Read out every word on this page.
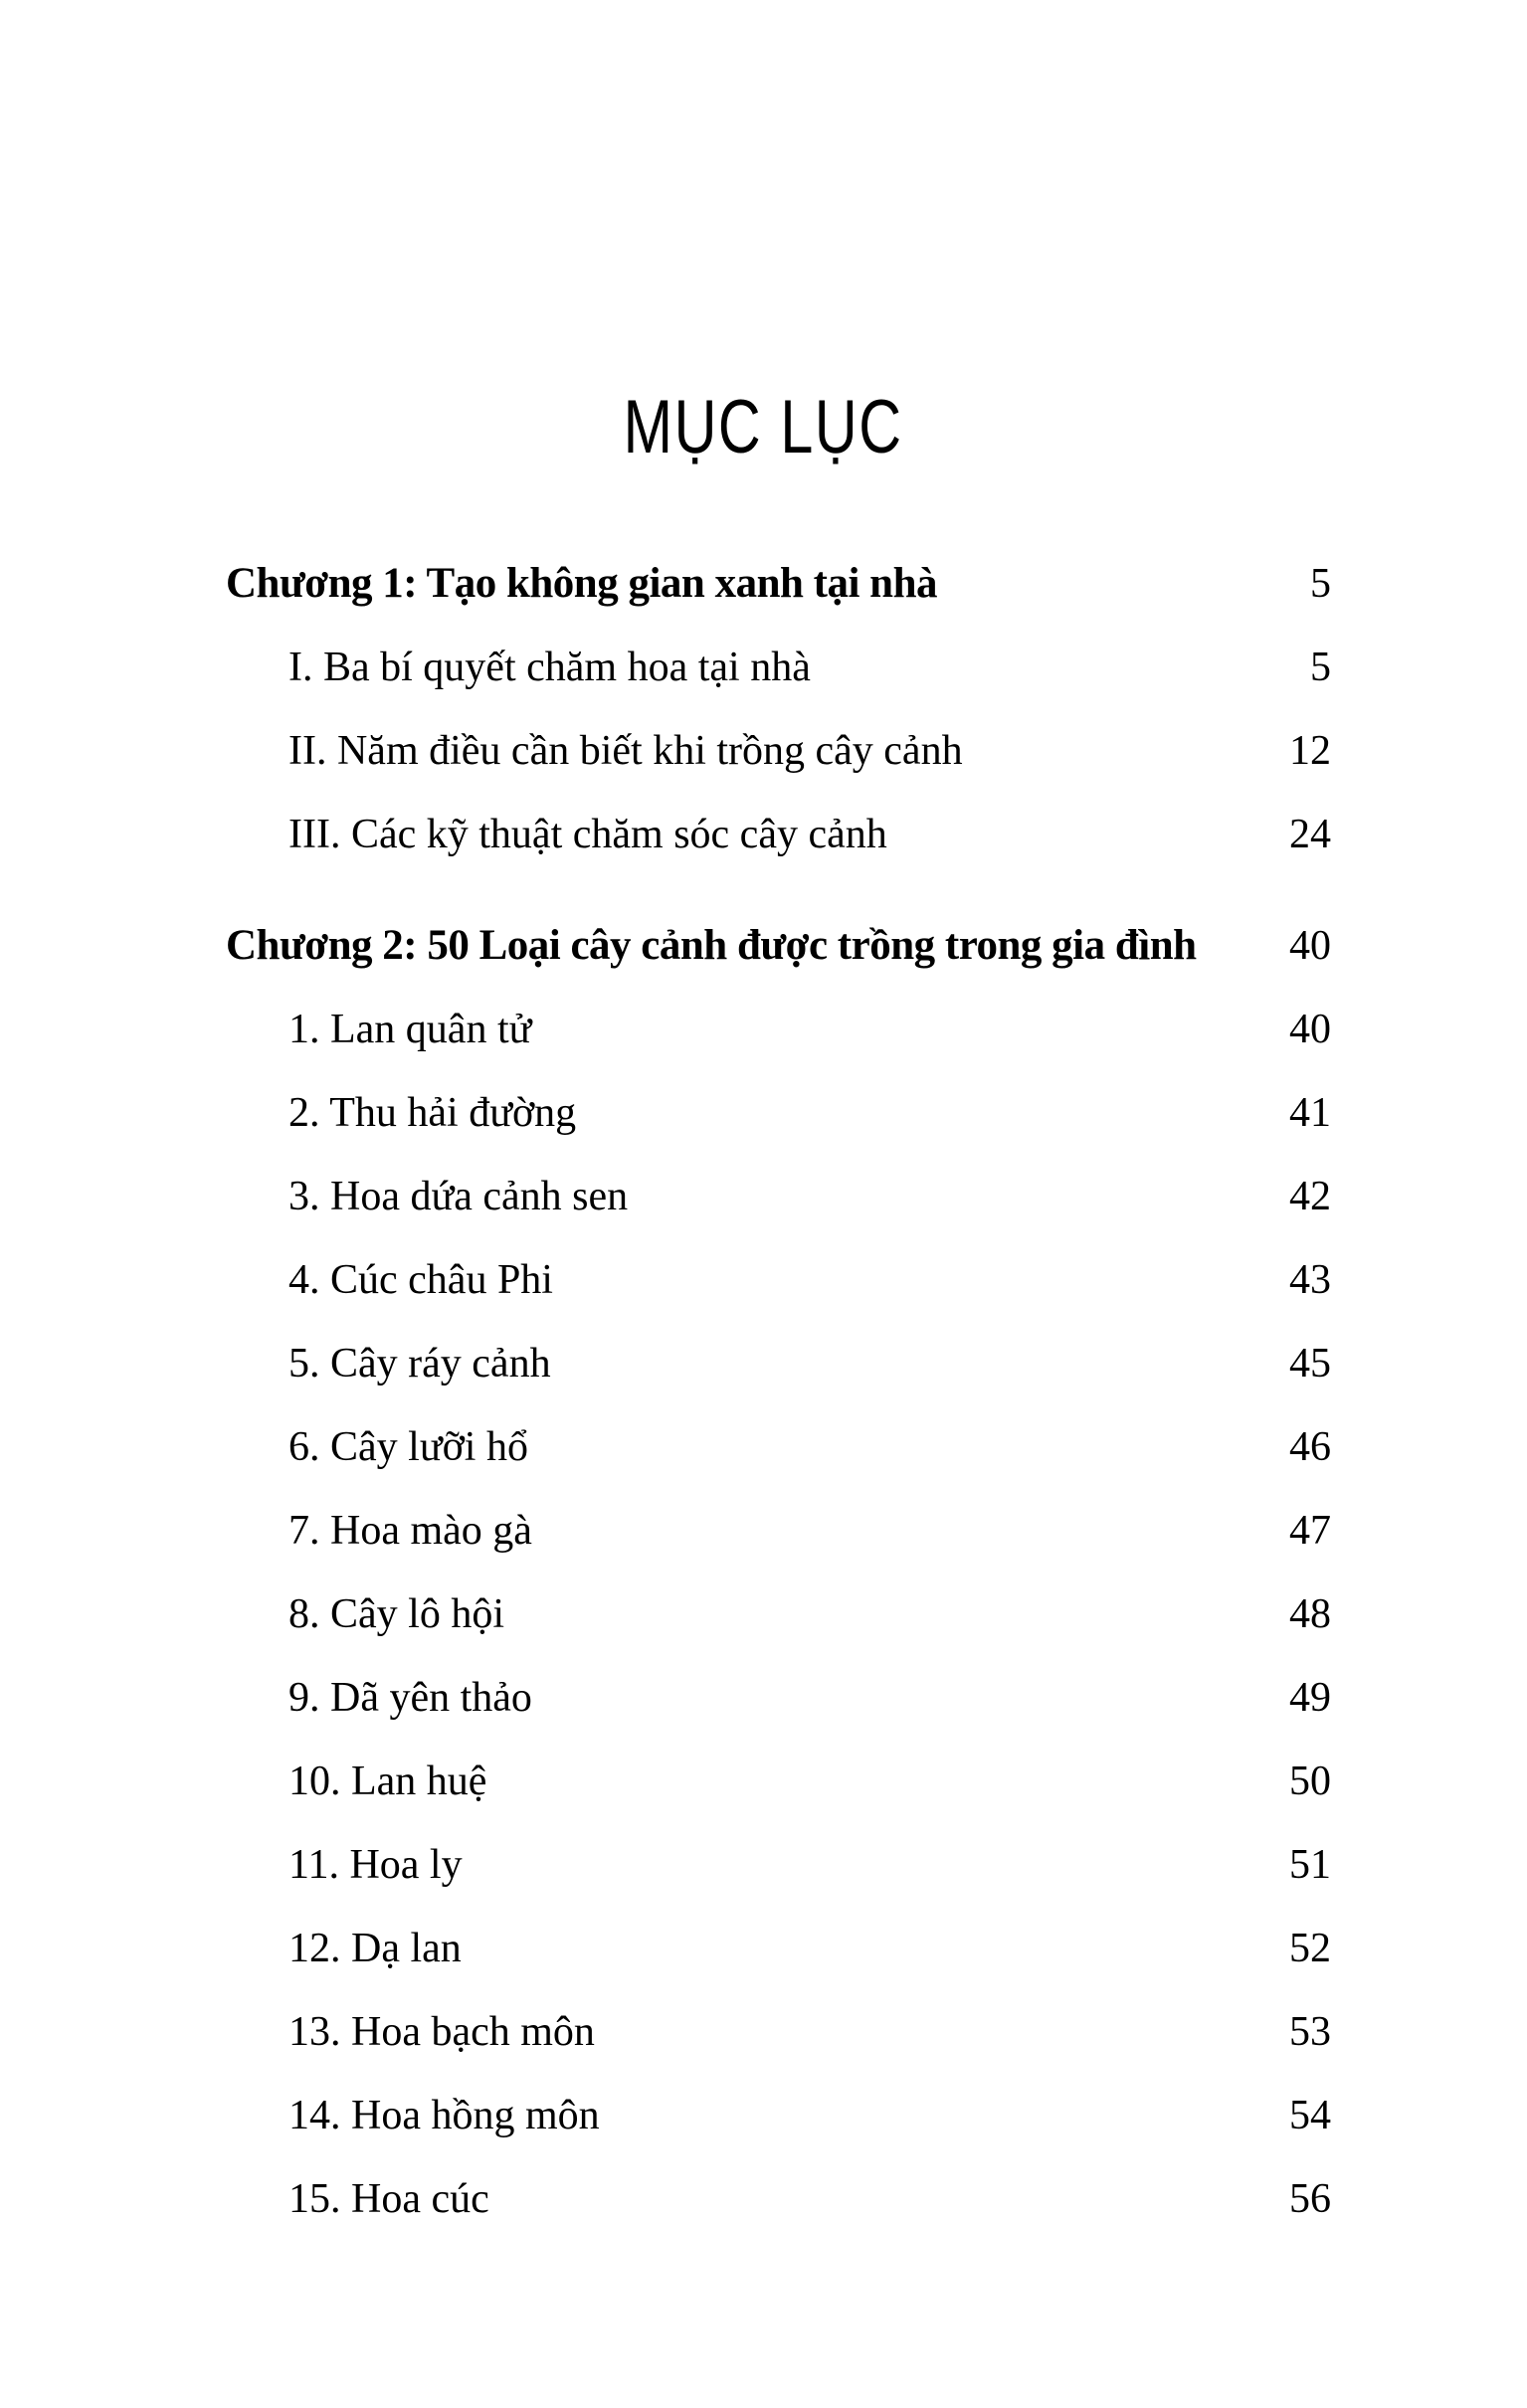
MỤC LỤC
Chương 1: Tạo không gian xanh tại nhà	5
I. Ba bí quyết chăm hoa tại nhà	5
II. Năm điều cần biết khi trồng cây cảnh	12
III. Các kỹ thuật chăm sóc cây cảnh	24
Chương 2: 50 Loại cây cảnh được trồng trong gia đình	40
1. Lan quân tử	40
2. Thu hải đường	41
3. Hoa dứa cảnh sen	42
4. Cúc châu Phi	43
5. Cây ráy cảnh	45
6. Cây lưỡi hổ	46
7. Hoa mào gà	47
8. Cây lô hội	48
9. Dã yên thảo	49
10. Lan huệ	50
11. Hoa ly	51
12. Dạ lan	52
13. Hoa bạch môn	53
14. Hoa hồng môn	54
15. Hoa cúc	56
